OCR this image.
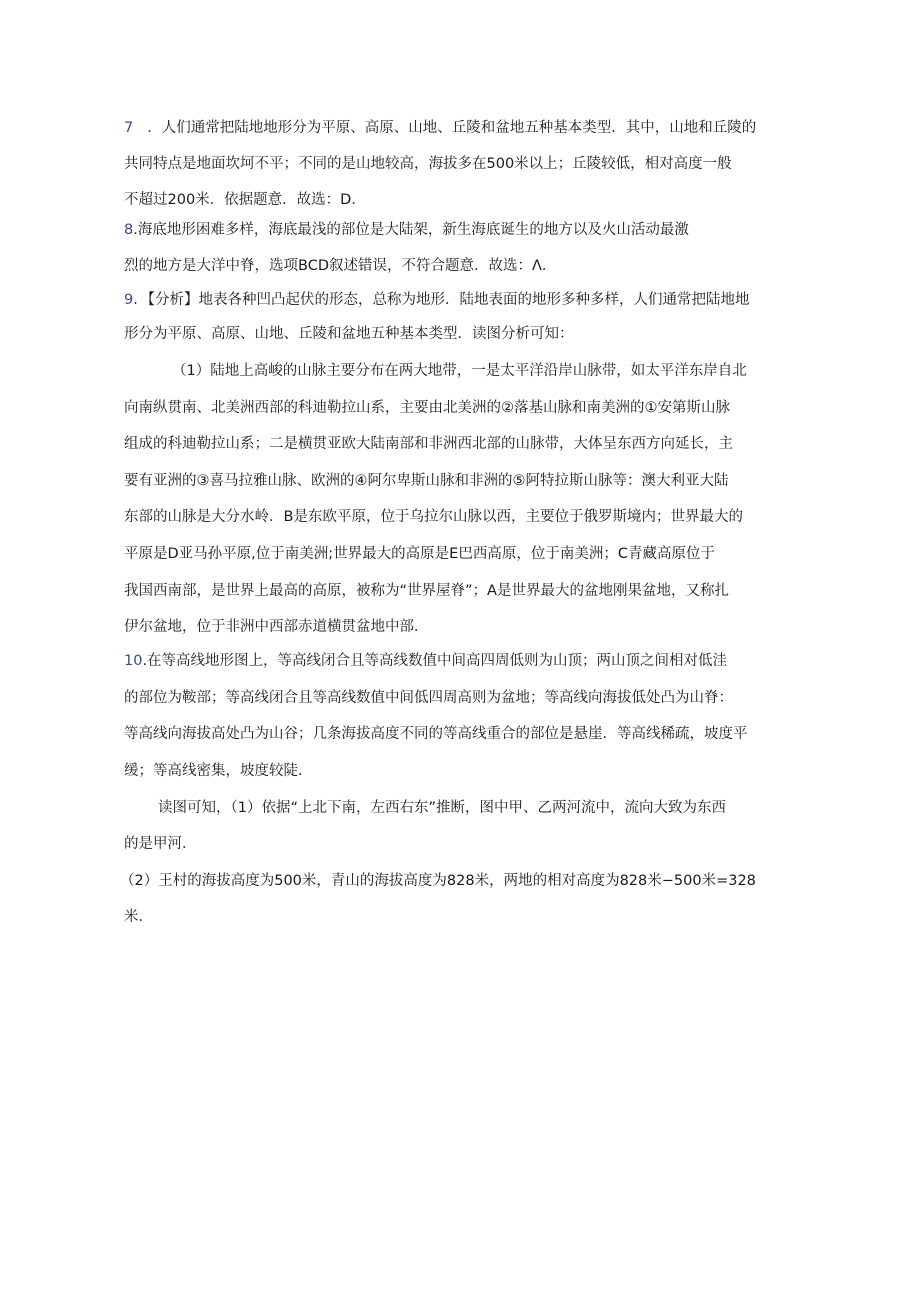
7 ．人们通常把陆地地形分为平原、高原、山地、丘陵和盆地五种基本类型．其中，山地和丘陵的
共同特点是地面坎坷不平；不同的是山地较高，海拔多在500米以上；丘陵较低，相对高度一般
不超过200米．依据题意．故选：D．
8.海底地形困难多样，海底最浅的部位是大陆架，新生海底诞生的地方以及火山活动最激
烈的地方是大洋中脊，选项BCD叙述错误，不符合题意．故选：Λ．
9．【分析】地表各种凹凸起伏的形态，总称为地形．陆地表面的地形多种多样，人们通常把陆地地
形分为平原、高原、山地、丘陵和盆地五种基本类型．读图分析可知：
（1）陆地上高峻的山脉主要分布在两大地带，一是太平洋沿岸山脉带，如太平洋东岸自北
向南纵贯南、北美洲西部的科迪勒拉山系，主要由北美洲的②落基山脉和南美洲的①安第斯山脉
组成的科迪勒拉山系；二是横贯亚欧大陆南部和非洲西北部的山脉带，大体呈东西方向延长，主
要有亚洲的③喜马拉雅山脉、欧洲的④阿尔卑斯山脉和非洲的⑤阿特拉斯山脉等：澳大利亚大陆
东部的山脉是大分水岭．B是东欧平原，位于乌拉尔山脉以西，主要位于俄罗斯境内；世界最大的
平原是D亚马孙平原,位于南美洲;世界最大的高原是E巴西高原，位于南美洲；C青藏高原位于
我国西南部，是世界上最高的高原，被称为“世界屋脊”；A是世界最大的盆地刚果盆地，又称扎
伊尔盆地，位于非洲中西部赤道横贯盆地中部．
10.在等高线地形图上，等高线闭合且等高线数值中间高四周低则为山顶；两山顶之间相对低洼
的部位为鞍部；等高线闭合且等高线数值中间低四周高则为盆地；等高线向海拔低处凸为山脊：
等高线向海拔高处凸为山谷；几条海拔高度不同的等高线重合的部位是悬崖．等高线稀疏，坡度平
缓；等高线密集，坡度较陡．
读图可知，（1）依据“上北下南，左西右东”推断，图中甲、乙两河流中，流向大致为东西
的是甲河．
（2）王村的海拔高度为500米，青山的海拔高度为828米，两地的相对高度为828米−500米=328
米．
